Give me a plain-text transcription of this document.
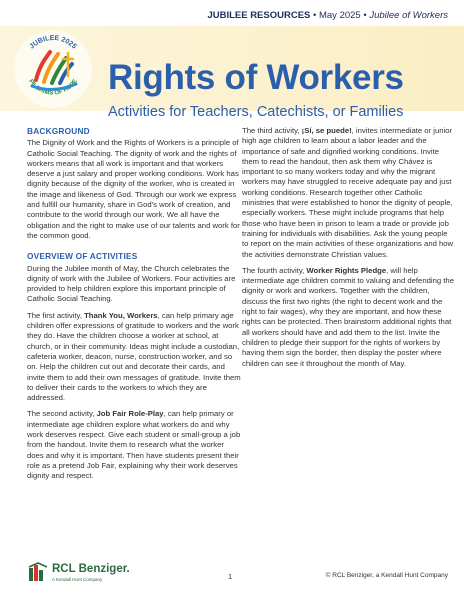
JUBILEE RESOURCES • May 2025 • Jubilee of Workers
JUBILEE 2025
PILGRIMS OF HOPE Rights of Workers
Activities for Teachers, Catechists, or Families
BACKGROUND

The Dignity of Work and the Rights of Workers is a principle of Catholic Social Teaching. The dignity of work and the rights of workers means that all work is important and that workers deserve a just salary and proper working conditions. Work has dignity because of the dignity of the worker, who is created in the image and likeness of God. Through our work we express and fulfill our humanity, share in God's work of creation, and contribute to the world through our work. We all have the obligation and the right to make use of our talents and work for the common good.

OVERVIEW OF ACTIVITIES

During the Jubilee month of May, the Church celebrates the dignity of work with the Jubilee of Workers. Four activities are provided to help children explore this important principle of Catholic Social Teaching.

The first activity, Thank You, Workers, can help primary age children offer expressions of gratitude to workers and the work they do. Have the children choose a worker at school, at church, or in their community. Ideas might include a custodian, cafeteria worker, deacon, nurse, construction worker, and so on. Help the children cut out and decorate their cards, and invite them to add their own messages of gratitude. Invite them to deliver their cards to the workers to which they are addressed.

The second activity, Job Fair Role-Play, can help primary or intermediate age children explore what workers do and why work deserves respect. Give each student or small-group a job from the handout. Invite them to research what the worker does and why it is important. Then have students present their role as a pretend Job Fair, explaining why their work deserves dignity and respect.

The third activity, ¡Sí, se puede!, invites intermediate or junior high age children to learn about a labor leader and the importance of safe and dignified working conditions. Invite them to read the handout, then ask them why Chávez is important to so many workers today and why the migrant workers may have struggled to receive adequate pay and just working conditions. Research together other Catholic ministries that were established to honor the dignity of people, especially workers. These might include programs that help those who have been in prison to learn a trade or provide job training for individuals with disabilities. Ask the young people to report on the main activities of these organizations and how the activities demonstrate Christian values.

The fourth activity, Worker Rights Pledge, will help intermediate age children commit to valuing and defending the dignity or work and workers. Together with the children, discuss the first two rights (the right to decent work and the right to fair wages), why they are important, and how these rights can be protected. Then brainstorm additional rights that all workers should have and add them to the list. Invite the children to pledge their support for the rights of workers by having them sign the border, then display the poster where children can see it throughout the month of May.

RCL Benziger.
A Kendall Hunt Company	1	© RCL Benziger, a Kendall Hunt Company
